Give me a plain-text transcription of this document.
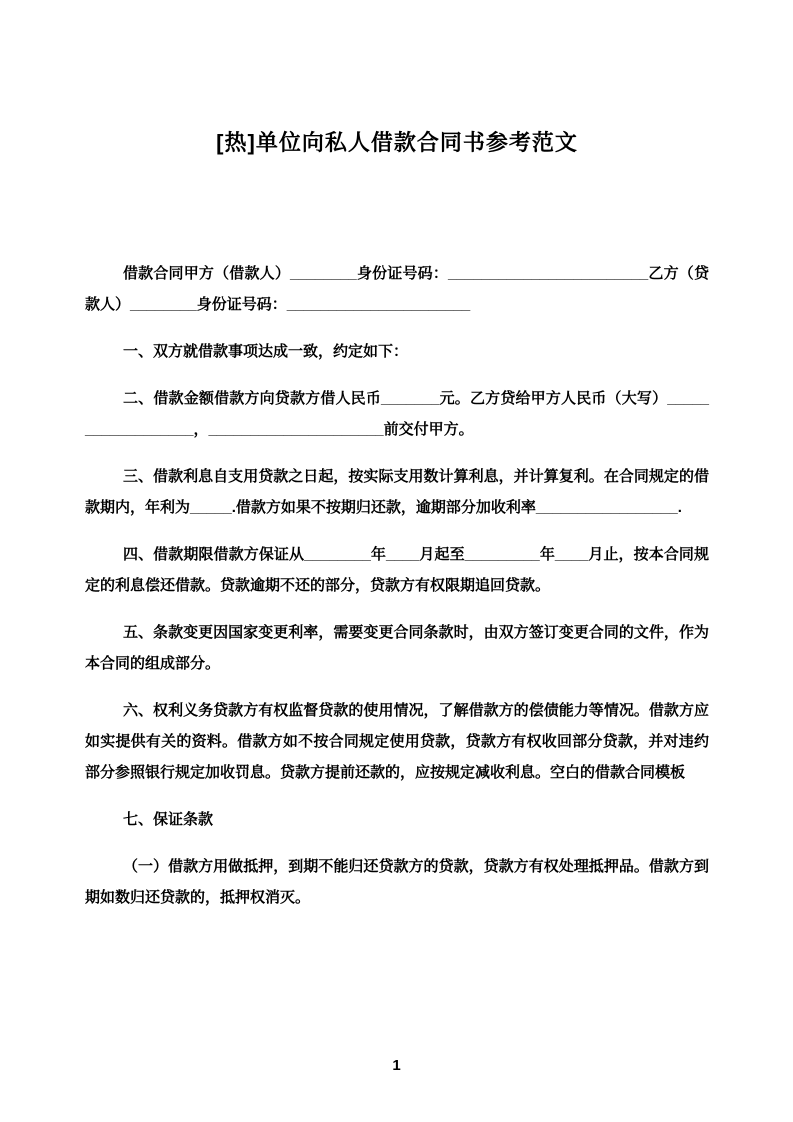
[热]单位向私人借款合同书参考范文

借款合同甲方（借款人）________身份证号码：________________________乙方（贷款人）________身份证号码：______________________

一、双方就借款事项达成一致，约定如下：

二、借款金额借款方向贷款方借人民币_______元。乙方贷给甲方人民币（大写）__________________，_____________________前交付甲方。

三、借款利息自支用贷款之日起，按实际支用数计算利息，并计算复利。在合同规定的借款期内，年利为_____.借款方如果不按期归还款，逾期部分加收利率_________________.

四、借款期限借款方保证从________年____月起至_________年____月止，按本合同规定的利息偿还借款。贷款逾期不还的部分，贷款方有权限期追回贷款。

五、条款变更因国家变更利率，需要变更合同条款时，由双方签订变更合同的文件，作为本合同的组成部分。

六、权利义务贷款方有权监督贷款的使用情况，了解借款方的偿债能力等情况。借款方应如实提供有关的资料。借款方如不按合同规定使用贷款，贷款方有权收回部分贷款，并对违约部分参照银行规定加收罚息。贷款方提前还款的，应按规定减收利息。空白的借款合同模板

七、保证条款

（一）借款方用做抵押，到期不能归还贷款方的贷款，贷款方有权处理抵押品。借款方到期如数归还贷款的，抵押权消灭。

1
